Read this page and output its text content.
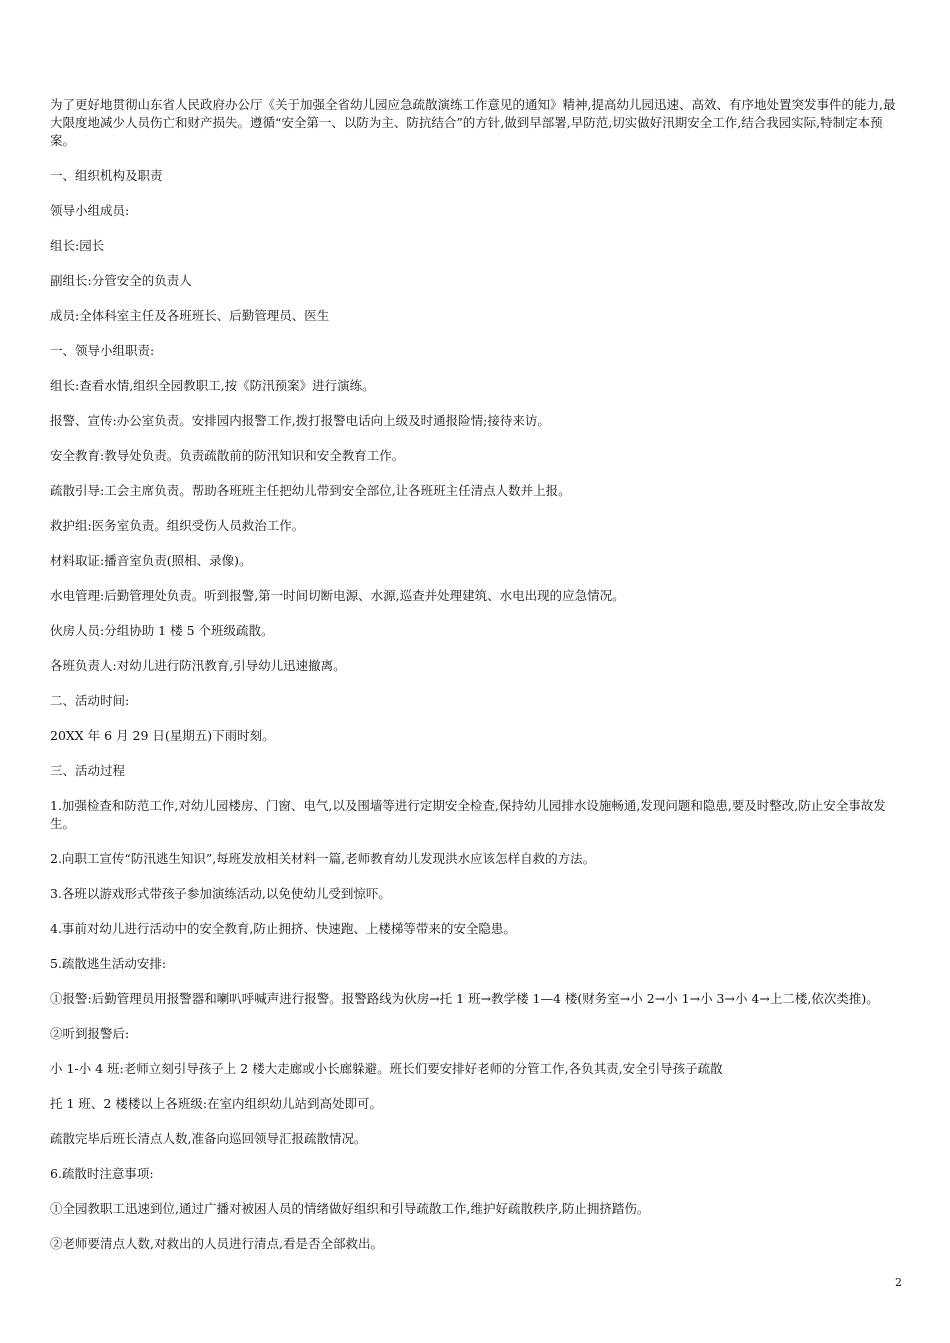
为了更好地贯彻山东省人民政府办公厅《关于加强全省幼儿园应急疏散演练工作意见的通知》精神,提高幼儿园迅速、高效、有序地处置突发事件的能力,最大限度地减少人员伤亡和财产损失。遵循“安全第一、以防为主、防抗结合”的方针,做到早部署,早防范,切实做好汛期安全工作,结合我园实际,特制定本预案。

一、组织机构及职责

领导小组成员:

组长:园长

副组长:分管安全的负责人

成员:全体科室主任及各班班长、后勤管理员、医生

一、领导小组职责:

组长:查看水情,组织全园教职工,按《防汛预案》进行演练。

报警、宣传:办公室负责。安排园内报警工作,拨打报警电话向上级及时通报险情;接待来访。

安全教育:教导处负责。负责疏散前的防汛知识和安全教育工作。

疏散引导:工会主席负责。帮助各班班主任把幼儿带到安全部位,让各班班主任清点人数并上报。

救护组:医务室负责。组织受伤人员救治工作。

材料取证:播音室负责(照相、录像)。

水电管理:后勤管理处负责。听到报警,第一时间切断电源、水源,巡查并处理建筑、水电出现的应急情况。

伙房人员:分组协助 1 楼 5 个班级疏散。

各班负责人:对幼儿进行防汛教育,引导幼儿迅速撤离。

二、活动时间:

20XX 年 6 月 29 日(星期五)下雨时刻。

三、活动过程

1.加强检查和防范工作,对幼儿园楼房、门窗、电气,以及围墙等进行定期安全检查,保持幼儿园排水设施畅通,发现问题和隐患,要及时整改,防止安全事故发生。

2.向职工宣传“防汛逃生知识”,每班发放相关材料一篇,老师教育幼儿发现洪水应该怎样自救的方法。

3.各班以游戏形式带孩子参加演练活动,以免使幼儿受到惊吓。

4.事前对幼儿进行活动中的安全教育,防止拥挤、快速跑、上楼梯等带来的安全隐患。

5.疏散逃生活动安排:

①报警:后勤管理员用报警器和喇叭呼喊声进行报警。报警路线为伙房→托 1 班→教学楼 1—4 楼(财务室→小 2→小 1→小 3→小 4→上二楼,依次类推)。

②听到报警后:

小 1-小 4 班:老师立刻引导孩子上 2 楼大走廊或小长廊躲避。班长们要安排好老师的分管工作,各负其责,安全引导孩子疏散

托 1 班、2 楼楼以上各班级:在室内组织幼儿站到高处即可。

疏散完毕后班长清点人数,准备向巡回领导汇报疏散情况。

6.疏散时注意事项:

①全园教职工迅速到位,通过广播对被困人员的情绪做好组织和引导疏散工作,维护好疏散秩序,防止拥挤踏伤。

②老师要清点人数,对救出的人员进行清点,看是否全部救出。

2
